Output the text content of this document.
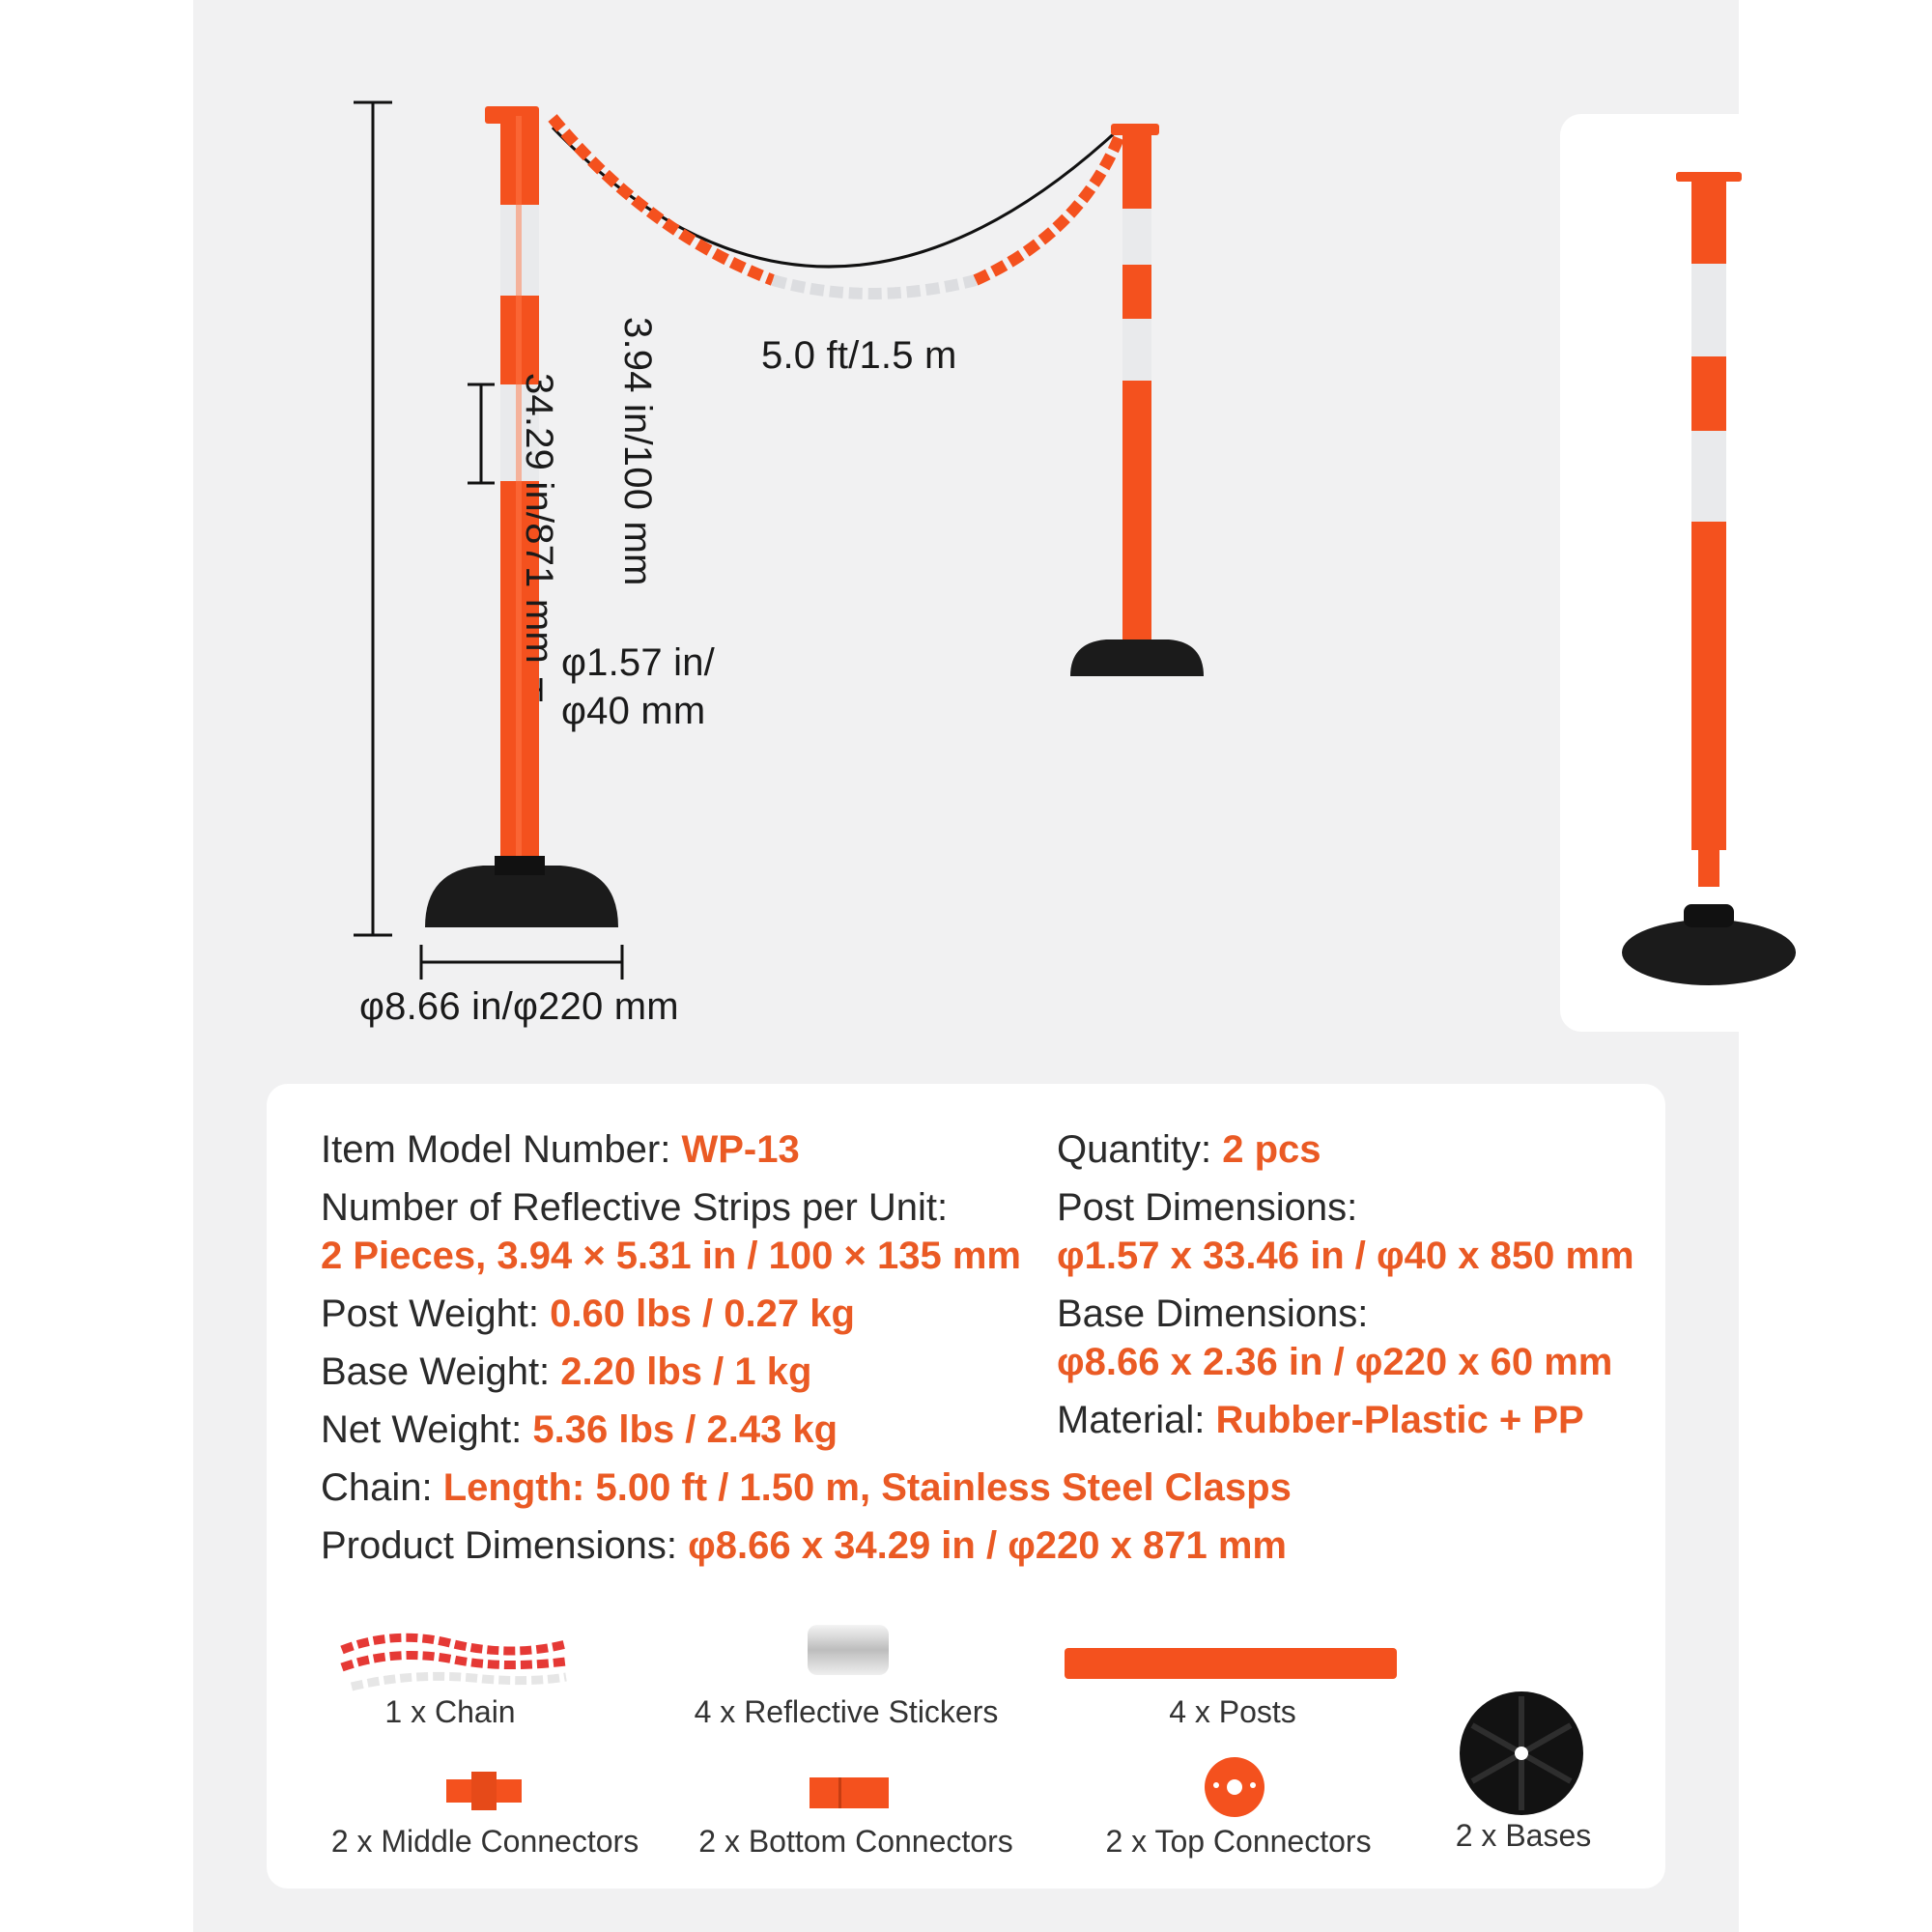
34.29 in/871 mm 3.94 in/100 mm	5.0 ft/1.5 m
φ1.57 in/
φ40 mm
φ8.66 in/φ220 mm
Item Model Number: WP-13	Quantity: 2 pcs
Number of Reflective Strips per Unit:
2 Pieces, 3.94 × 5.31 in / 100 × 135 mm
Post Dimensions:
φ1.57 x 33.46 in / φ40 x 850 mm
Post Weight: 0.60 lbs / 0.27 kg	Base Dimensions:
Base Weight: 2.20 lbs / 1 kg	φ8.66 x 2.36 in / φ220 x 60 mm
Net Weight: 5.36 lbs / 2.43 kg	Material: Rubber-Plastic + PP
Chain: Length: 5.00 ft / 1.50 m, Stainless Steel Clasps
Product Dimensions: φ8.66 x 34.29 in / φ220 x 871 mm
1 x Chain	4 x Reflective Stickers	4 x Posts
2 x Bases
2 x Middle Connectors	2 x Bottom Connectors	2 x Top Connectors
